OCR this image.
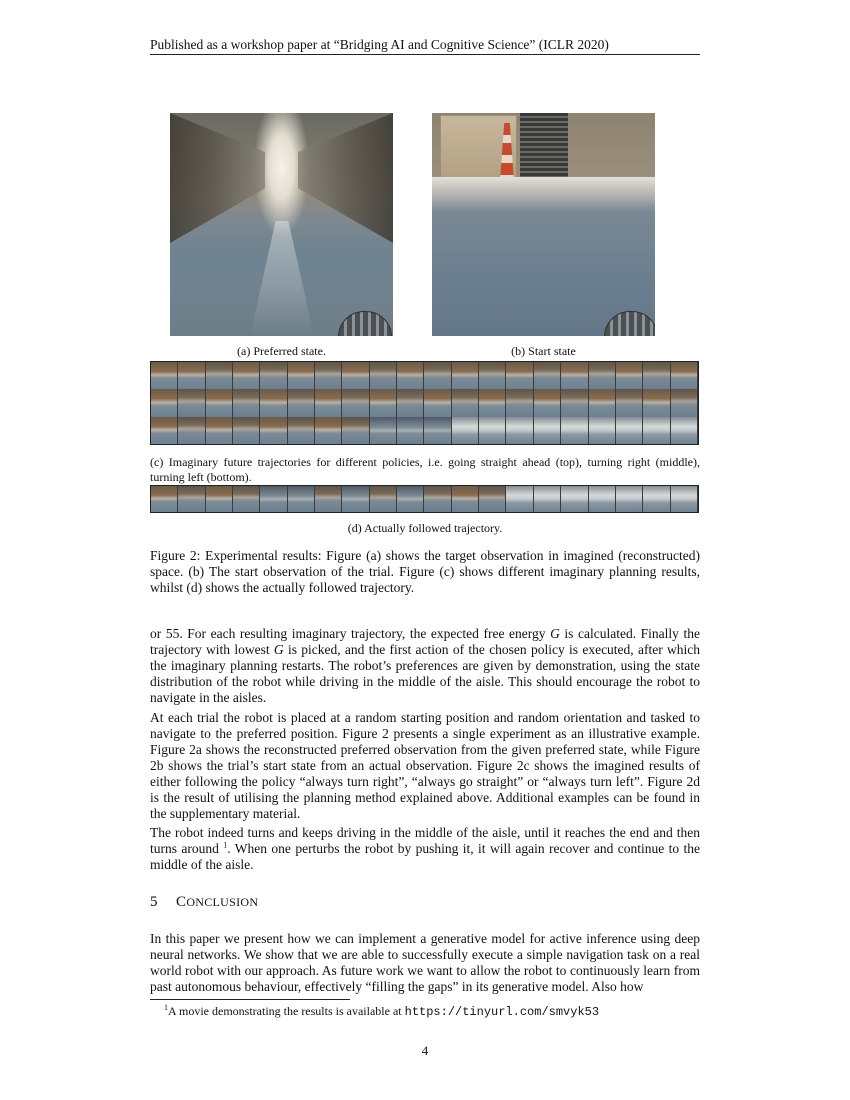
Published as a workshop paper at “Bridging AI and Cognitive Science” (ICLR 2020)
(a) Preferred state.	(b) Start state
(c) Imaginary future trajectories for different policies, i.e. going straight ahead (top), turning right (middle), turning left (bottom).
(d) Actually followed trajectory.
Figure 2: Experimental results: Figure (a) shows the target observation in imagined (reconstructed) space. (b) The start observation of the trial. Figure (c) shows different imaginary planning results, whilst (d) shows the actually followed trajectory.

or 55. For each resulting imaginary trajectory, the expected free energy G is calculated. Finally the trajectory with lowest G is picked, and the first action of the chosen policy is executed, after which the imaginary planning restarts. The robot’s preferences are given by demonstration, using the state distribution of the robot while driving in the middle of the aisle. This should encourage the robot to navigate in the aisles.

At each trial the robot is placed at a random starting position and random orientation and tasked to navigate to the preferred position. Figure 2 presents a single experiment as an illustrative example. Figure 2a shows the reconstructed preferred observation from the given preferred state, while Figure 2b shows the trial’s start state from an actual observation. Figure 2c shows the imagined results of either following the policy “always turn right”, “always go straight” or “always turn left”. Figure 2d is the result of utilising the planning method explained above. Additional examples can be found in the supplementary material.

The robot indeed turns and keeps driving in the middle of the aisle, until it reaches the end and then turns around $^1$. When one perturbs the robot by pushing it, it will again recover and continue to the middle of the aisle.

5 CONCLUSION

In this paper we present how we can implement a generative model for active inference using deep neural networks. We show that we are able to successfully execute a simple navigation task on a real world robot with our approach. As future work we want to allow the robot to continuously learn from past autonomous behaviour, effectively “filling the gaps” in its generative model. Also how

$^1$A movie demonstrating the results is available at https://tinyurl.com/smvyk53
4
